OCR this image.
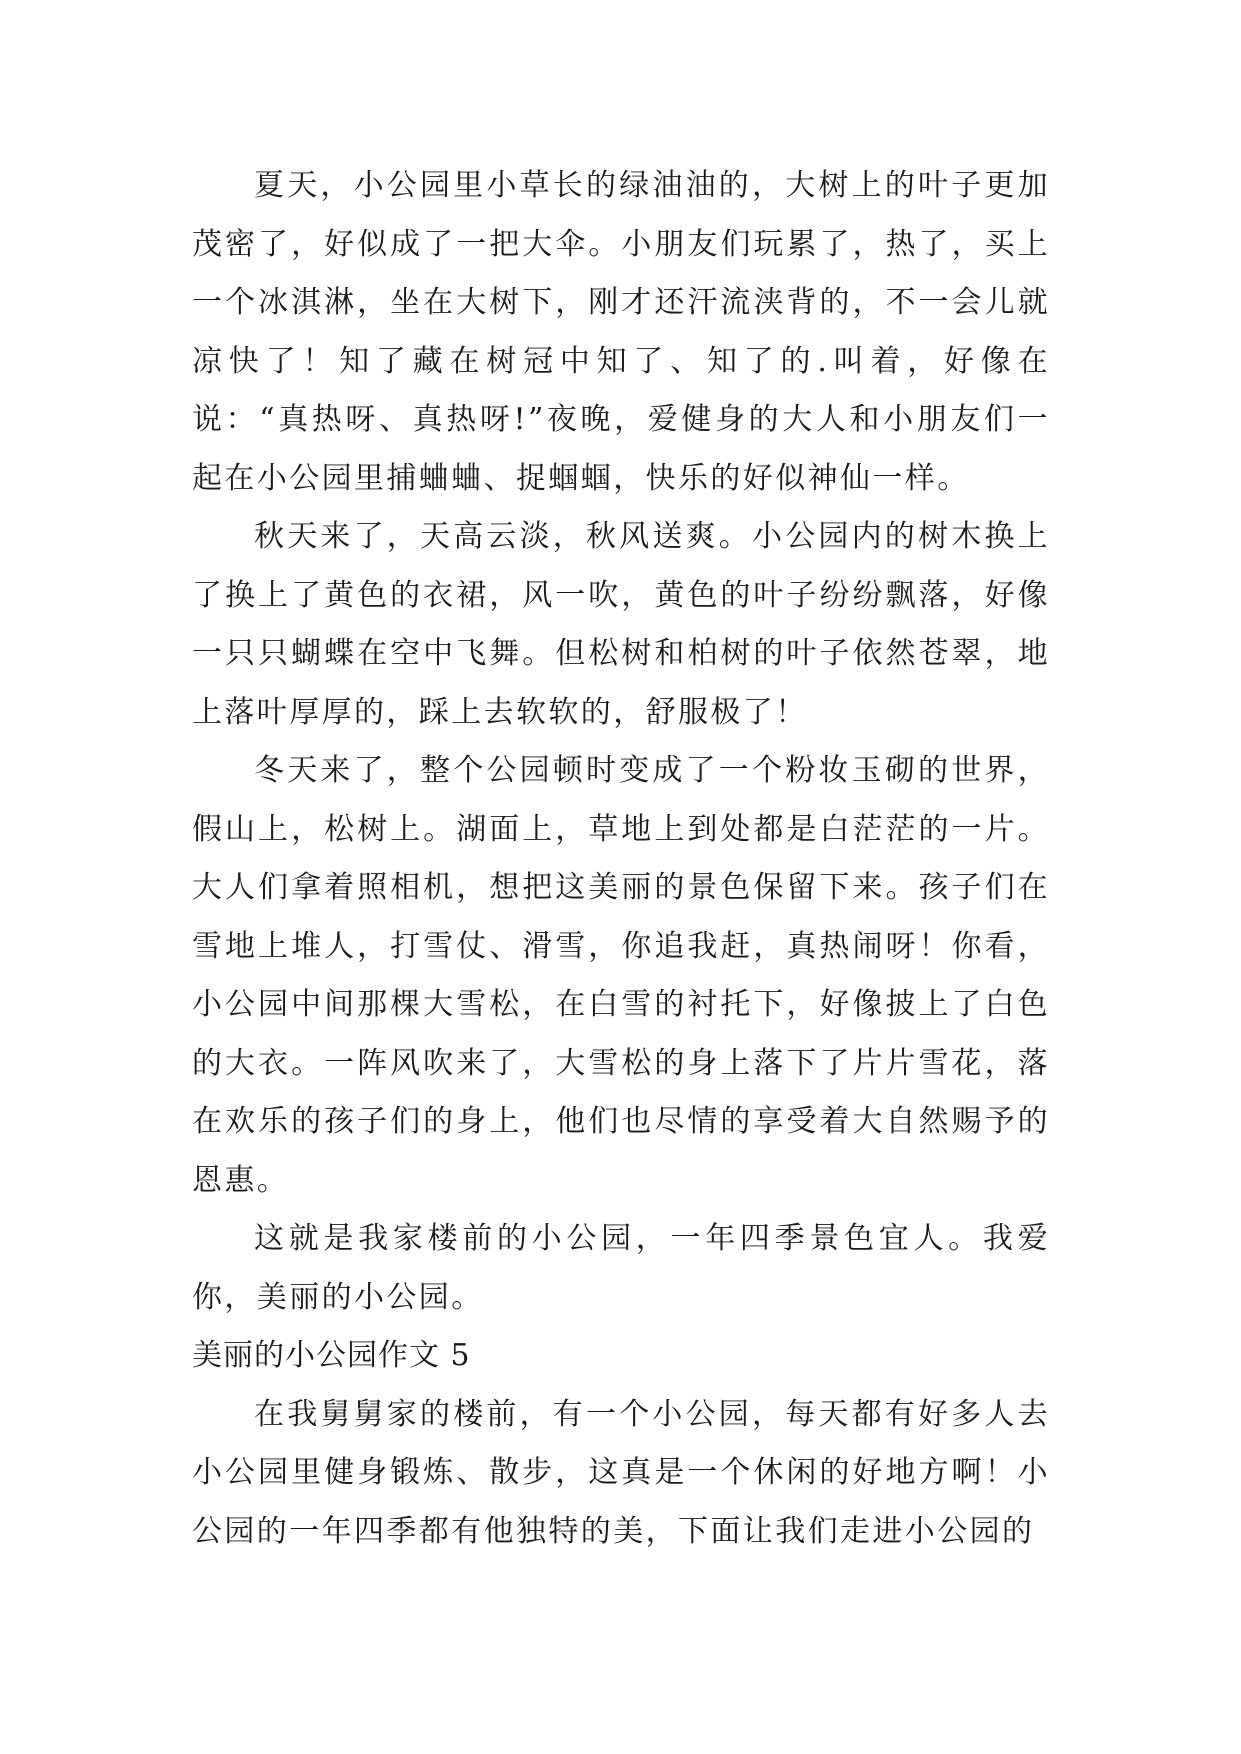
夏天，小公园里小草长的绿油油的，大树上的叶子更加茂密了，好似成了一把大伞。小朋友们玩累了，热了，买上一个冰淇淋，坐在大树下，刚才还汗流浃背的，不一会儿就凉快了！知了藏在树冠中知了、知了的.叫着，好像在说：“真热呀、真热呀!”夜晚，爱健身的大人和小朋友们一起在小公园里捕蛐蛐、捉蝈蝈，快乐的好似神仙一样。

秋天来了，天高云淡，秋风送爽。小公园内的树木换上了换上了黄色的衣裙，风一吹，黄色的叶子纷纷飘落，好像一只只蝴蝶在空中飞舞。但松树和柏树的叶子依然苍翠，地上落叶厚厚的，踩上去软软的，舒服极了！

冬天来了，整个公园顿时变成了一个粉妆玉砌的世界，假山上，松树上。湖面上，草地上到处都是白茫茫的一片。大人们拿着照相机，想把这美丽的景色保留下来。孩子们在雪地上堆人，打雪仗、滑雪，你追我赶，真热闹呀！你看，小公园中间那棵大雪松，在白雪的衬托下，好像披上了白色的大衣。一阵风吹来了，大雪松的身上落下了片片雪花，落在欢乐的孩子们的身上，他们也尽情的享受着大自然赐予的恩惠。

这就是我家楼前的小公园，一年四季景色宜人。我爱你，美丽的小公园。

美丽的小公园作文 5

在我舅舅家的楼前，有一个小公园，每天都有好多人去小公园里健身锻炼、散步，这真是一个休闲的好地方啊！小公园的一年四季都有他独特的美，下面让我们走进小公园的
